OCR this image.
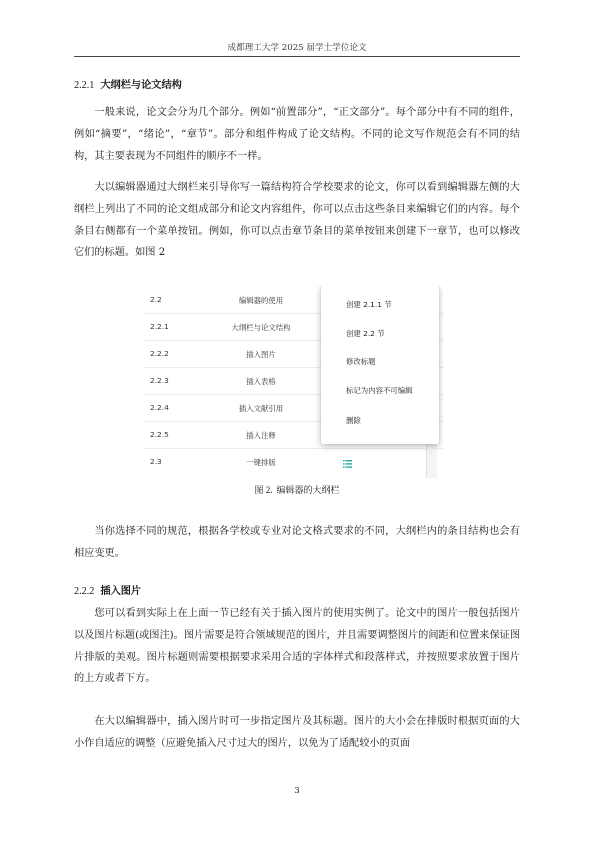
成都理工大学 2025 届学士学位论文
2.2.1 大纲栏与论文结构

一般来说，论文会分为几个部分。例如“前置部分”，“正文部分”。每个部分中有不同的组件，例如“摘要”，“绪论”，“章节”。部分和组件构成了论文结构。不同的论文写作规范会有不同的结构，其主要表现为不同组件的顺序不一样。

大以编辑器通过大纲栏来引导你写一篇结构符合学校要求的论文，你可以看到编辑器左侧的大纲栏上列出了不同的论文组成部分和论文内容组件，你可以点击这些条目来编辑它们的内容。每个条目右侧都有一个菜单按钮。例如，你可以点击章节条目的菜单按钮来创建下一章节，也可以修改它们的标题。如图 2

2.2	编辑器的使用
2.2.1	大纲栏与论文结构
2.2.2	插入图片
2.2.3	插入表格
2.2.4	插入文献引用
2.2.5	插入注释
2.3	一键排版
创建 2.1.1 节
创建 2.2 节
修改标题
标记为内容不可编辑
删除
图 2. 编辑器的大纲栏

当你选择不同的规范，根据各学校或专业对论文格式要求的不同，大纲栏内的条目结构也会有相应变更。

2.2.2 插入图片

您可以看到实际上在上面一节已经有关于插入图片的使用实例了。论文中的图片一般包括图片以及图片标题(或图注)。图片需要是符合领域规范的图片，并且需要调整图片的间距和位置来保证图片排版的美观。图片标题则需要根据要求采用合适的字体样式和段落样式，并按照要求放置于图片的上方或者下方。

在大以编辑器中，插入图片时可一步指定图片及其标题。图片的大小会在排版时根据页面的大小作自适应的调整（应避免插入尺寸过大的图片，以免为了适配较小的页面

3
